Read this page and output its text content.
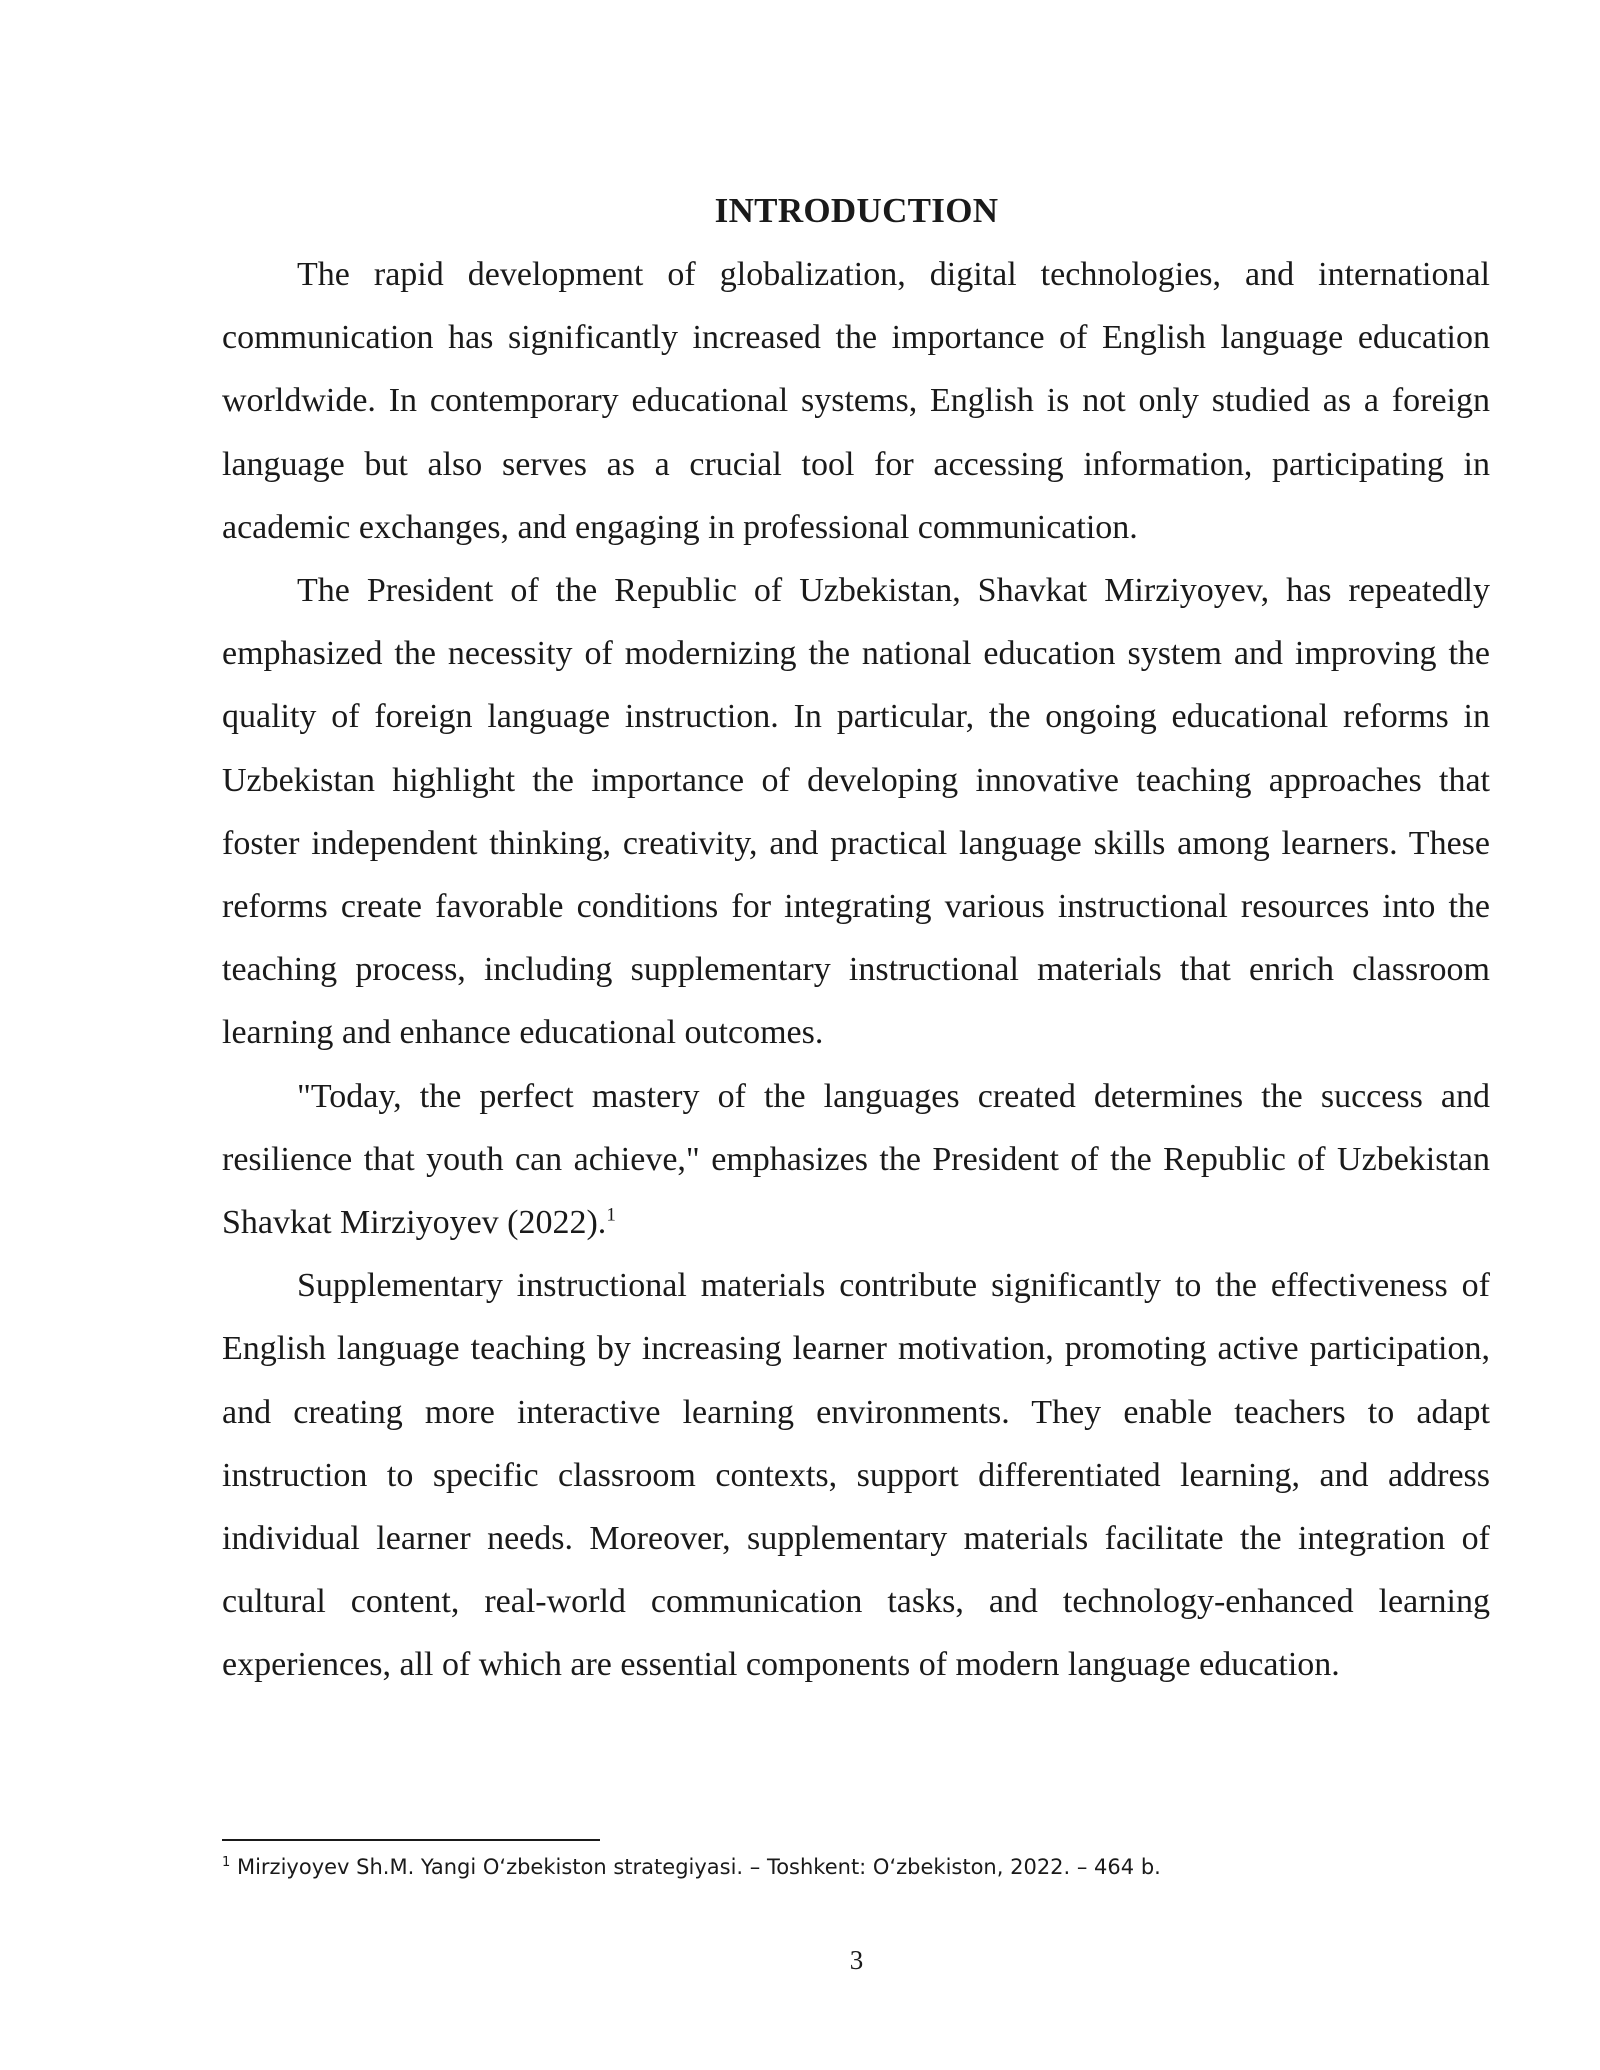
INTRODUCTION

The rapid development of globalization, digital technologies, and international communication has significantly increased the importance of English language education worldwide. In contemporary educational systems, English is not only studied as a foreign language but also serves as a crucial tool for accessing information, participating in academic exchanges, and engaging in professional communication.

The President of the Republic of Uzbekistan, Shavkat Mirziyoyev, has repeatedly emphasized the necessity of modernizing the national education system and improving the quality of foreign language instruction. In particular, the ongoing educational reforms in Uzbekistan highlight the importance of developing innovative teaching approaches that foster independent thinking, creativity, and practical language skills among learners. These reforms create favorable conditions for integrating various instructional resources into the teaching process, including supplementary instructional materials that enrich classroom learning and enhance educational outcomes.

"Today, the perfect mastery of the languages created determines the success and resilience that youth can achieve," emphasizes the President of the Republic of Uzbekistan Shavkat Mirziyoyev (2022).$^1$

Supplementary instructional materials contribute significantly to the effectiveness of English language teaching by increasing learner motivation, promoting active participation, and creating more interactive learning environments. They enable teachers to adapt instruction to specific classroom contexts, support differentiated learning, and address individual learner needs. Moreover, supplementary materials facilitate the integration of cultural content, real-world communication tasks, and technology-enhanced learning experiences, all of which are essential components of modern language education.

$^1$ Mirziyoyev Sh.M. Yangi O‘zbekiston strategiyasi. – Toshkent: O‘zbekiston, 2022. – 464 b.
3
